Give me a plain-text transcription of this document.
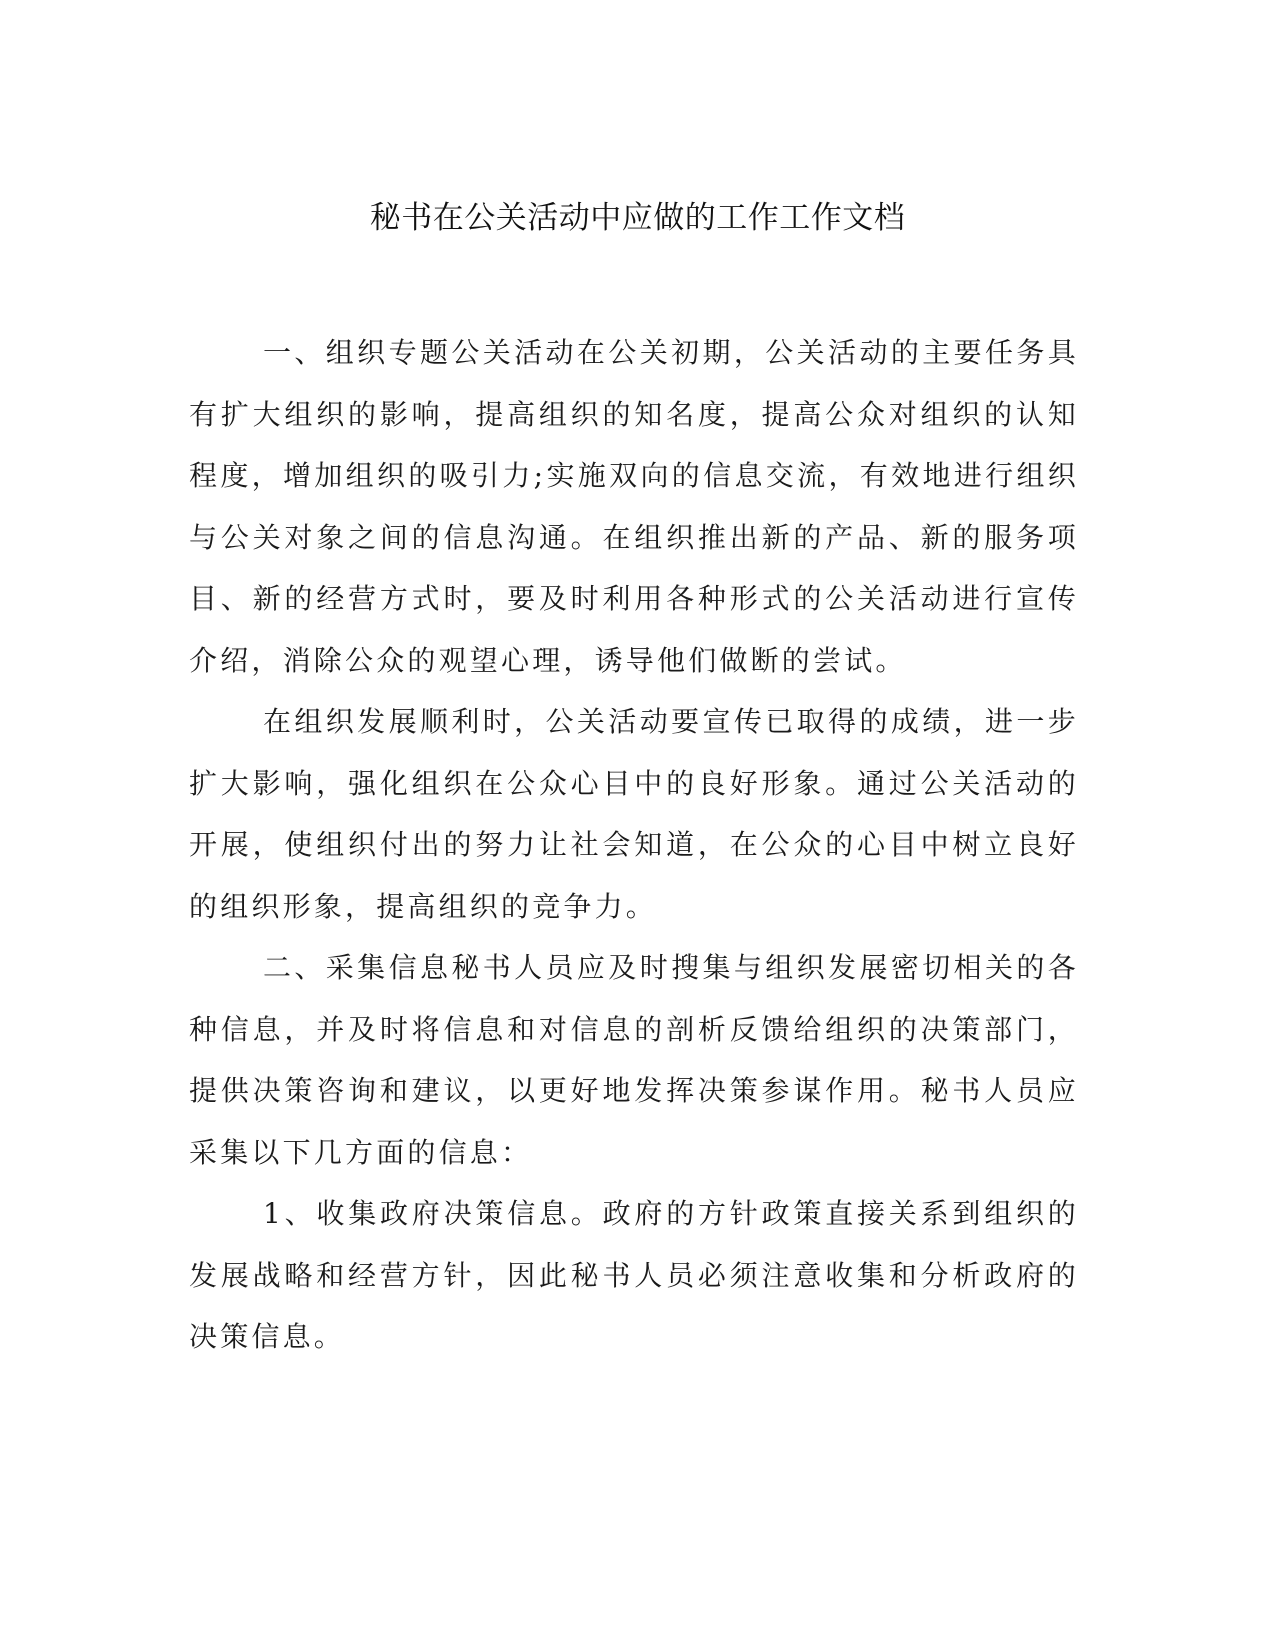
秘书在公关活动中应做的工作工作文档

一、组织专题公关活动在公关初期，公关活动的主要任务具有扩大组织的影响，提高组织的知名度，提高公众对组织的认知程度，增加组织的吸引力;实施双向的信息交流，有效地进行组织与公关对象之间的信息沟通。在组织推出新的产品、新的服务项目、新的经营方式时，要及时利用各种形式的公关活动进行宣传介绍，消除公众的观望心理，诱导他们做断的尝试。

在组织发展顺利时，公关活动要宣传已取得的成绩，进一步扩大影响，强化组织在公众心目中的良好形象。通过公关活动的开展，使组织付出的努力让社会知道，在公众的心目中树立良好的组织形象，提高组织的竞争力。

二、采集信息秘书人员应及时搜集与组织发展密切相关的各种信息，并及时将信息和对信息的剖析反馈给组织的决策部门，提供决策咨询和建议，以更好地发挥决策参谋作用。秘书人员应采集以下几方面的信息：

1、收集政府决策信息。政府的方针政策直接关系到组织的发展战略和经营方针，因此秘书人员必须注意收集和分析政府的决策信息。
